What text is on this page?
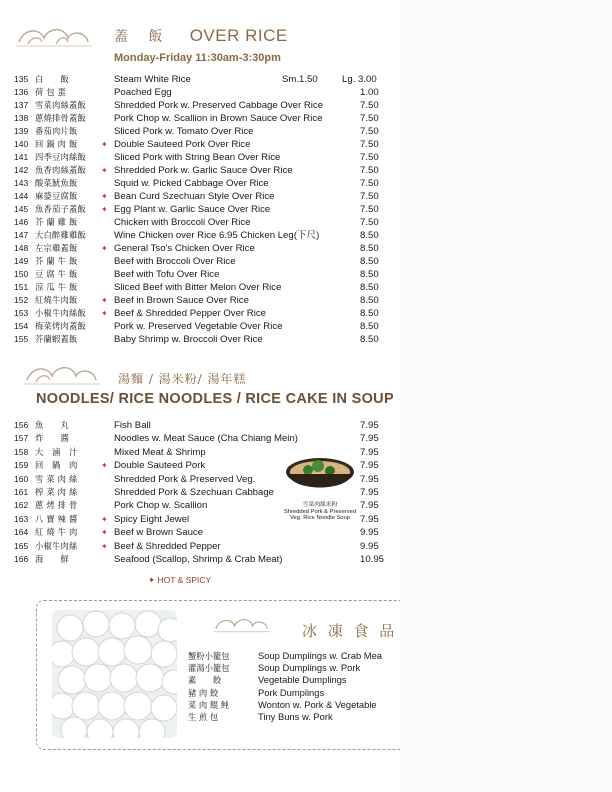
蓋 飯 OVER RICE
Monday-Friday 11:30am-3:30pm
135 白　　飯	Steam White Rice	Sm.1.50	Lg. 3.00
136 荷 包 蛋	Poached Egg	1.00
137 雪菜肉絲蓋飯	Shredded Pork w. Preserved Cabbage Over Rice	7.50
138 蔥燒排骨蓋飯	Pork Chop w. Scallion in Brown Sauce Over Rice	7.50
139 番茄肉片飯	Sliced Pork w. Tomato Over Rice	7.50
140 回 鍋 肉 飯	✦ Double Sauteed Pork Over Rice	7.50
141 四季豆肉絲飯	Sliced Pork with String Bean Over Rice	7.50
142 魚香肉絲蓋飯	✦ Shredded Pork w. Garlic Sauce Over Rice	7.50
143 酸菜魷魚飯	Squid w. Picked Cabbage Over Rice	7.50
144 麻婆豆腐飯	✦ Bean Curd Szechuan Style Over Rice	7.50
145 魚香茄子蓋飯	✦ Egg Plant w. Garlic Sauce Over Rice	7.50
146 芥 蘭 雞 飯	Chicken with Broccoli Over Rice	7.50
147 大白醉雞雞飯	Wine Chicken over Rice 6.95 Chicken Leg(下尺)	8.50
148 左宗雞蓋飯	✦ General Tso's Chicken Over Rice	8.50
149 芥 蘭 牛 飯	Beef with Broccoli Over Rice	8.50
150 豆 腐 牛 飯	Beef with Tofu Over Rice	8.50
151 涼 瓜 牛 飯	Sliced Beef with Bitter Melon Over Rice	8.50
152 紅燒牛肉飯	✦ Beef in Brown Sauce Over Rice	8.50
153 小椒牛肉絲飯	✦ Beef & Shredded Pepper Over Rice	8.50
154 梅菜烤肉蓋飯	Pork w. Preserved Vegetable Over Rice	8.50
155 芥蘭蝦蓋飯	Baby Shrimp w. Broccoli Over Rice	8.50
湯麵 / 湯米粉/ 湯年糕
NOODLES/ RICE NOODLES / RICE CAKE IN SOUP
156 魚　　丸	Fish Ball	7.95
157 炸　　醬	Noodles w. Meat Sauce (Cha Chiang Mein)	7.95
158 大　滷　汁	Mixed Meat & Shrimp	7.95
159 回　鍋　肉	✦ Double Sauteed Pork	7.95
160 雪 菜 肉 絲	Shredded Pork & Preserved Veg.	7.95
161 榨 菜 肉 絲	Shredded Pork & Szechuan Cabbage	7.95
162 蔥 烤 排 骨	Pork Chop w. Scallion	7.95
163 八 寶 辣 醬	✦ Spicy Eight Jewel	7.95
164 紅 燒 牛 肉	✦ Beef w Brown Sauce	9.95
165 小椒牛肉絲	✦ Beef & Shredded Pepper	9.95
166 海　　鮮	Seafood (Scallop, Shrimp & Crab Meat)	10.95
雪菜肉絲米粉
Shredded Pork & Preserved Veg. Rice Noodle Soup
✦ HOT & SPICY
冰 凍 食 品
蟹粉小籠包	Soup Dumplings w. Crab Mea
灌湯小籠包	Soup Dumplings w. Pork
素　　餃	Vegetable Dumplings
豬 肉 餃	Pork Dumplings
菜 肉 餛 飩	Wonton w. Pork & Vegetable
生 煎 包	Tiny Buns w. Pork
